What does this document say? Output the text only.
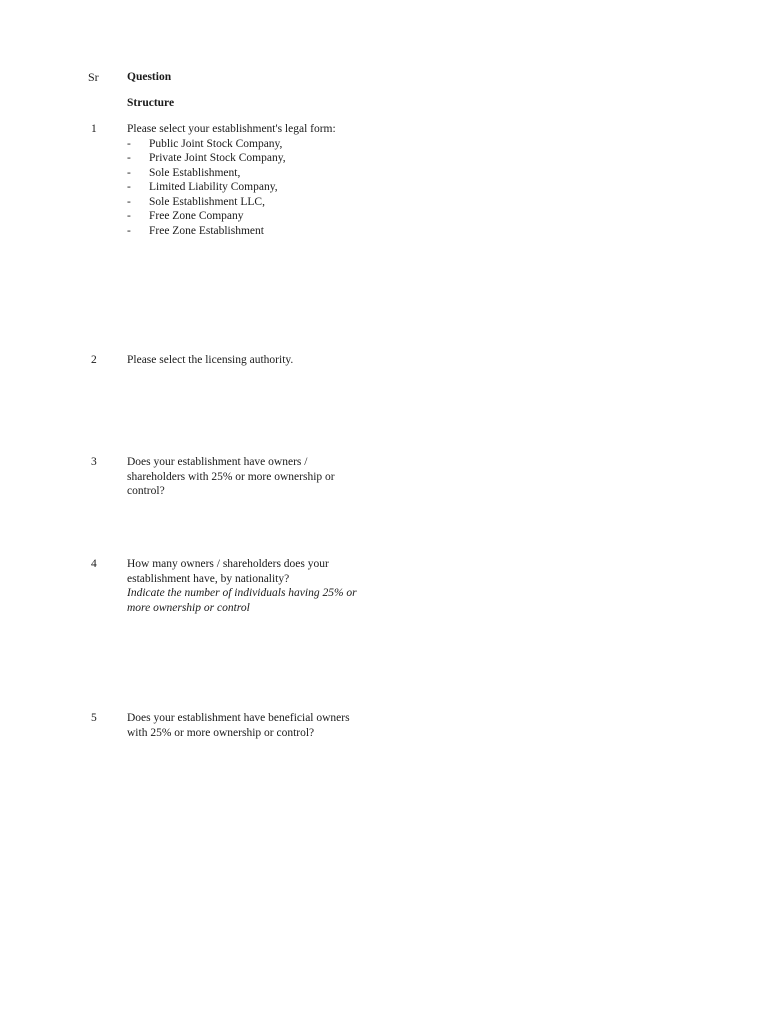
Sr Question
Structure
1	Please select your establishment's legal form:
- Public Joint Stock Company,
- Private Joint Stock Company,
- Sole Establishment,
- Limited Liability Company,
- Sole Establishment LLC,
- Free Zone Company
- Free Zone Establishment
2	Please select the licensing authority.
3	Does your establishment have owners /
shareholders with 25% or more ownership or
control?
4	How many owners / shareholders does your
establishment have, by nationality?
Indicate the number of individuals having 25% or
more ownership or control
5	Does your establishment have beneficial owners
with 25% or more ownership or control?
